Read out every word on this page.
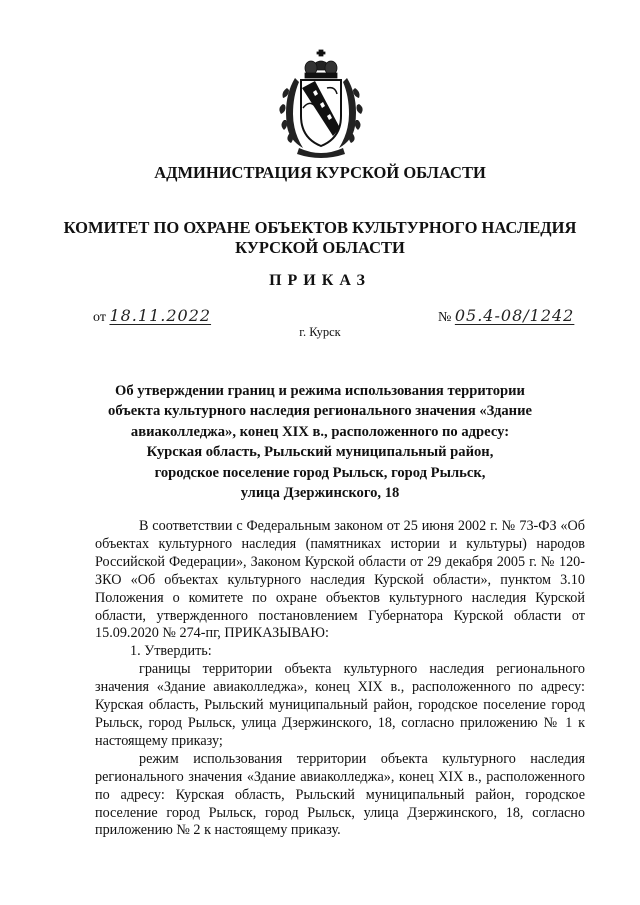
АДМИНИСТРАЦИЯ КУРСКОЙ ОБЛАСТИ
КОМИТЕТ ПО ОХРАНЕ ОБЪЕКТОВ КУЛЬТУРНОГО НАСЛЕДИЯ
КУРСКОЙ ОБЛАСТИ
ПРИКАЗ
от 18.11.2022	№ 05.4-08/1242
г. Курск
Об утверждении границ и режима использования территории
объекта культурного наследия регионального значения «Здание
авиаколледжа», конец XIX в., расположенного по адресу:
Курская область, Рыльский муниципальный район,
городское поселение город Рыльск, город Рыльск,
улица Дзержинского, 18

В соответствии с Федеральным законом от 25 июня 2002 г. № 73-ФЗ «Об объектах культурного наследия (памятниках истории и культуры) народов Российской Федерации», Законом Курской области от 29 декабря 2005 г. № 120-ЗКО «Об объектах культурного наследия Курской области», пунктом 3.10 Положения о комитете по охране объектов культурного наследия Курской области, утвержденного постановлением Губернатора Курской области от 15.09.2020 № 274-пг, ПРИКАЗЫВАЮ:

1. Утвердить:

границы территории объекта культурного наследия регионального значения «Здание авиаколледжа», конец XIX в., расположенного по адресу: Курская область, Рыльский муниципальный район, городское поселение город Рыльск, город Рыльск, улица Дзержинского, 18, согласно приложению № 1 к настоящему приказу;

режим использования территории объекта культурного наследия регионального значения «Здание авиаколледжа», конец XIX в., расположенного по адресу: Курская область, Рыльский муниципальный район, городское поселение город Рыльск, город Рыльск, улица Дзержинского, 18, согласно приложению № 2 к настоящему приказу.
